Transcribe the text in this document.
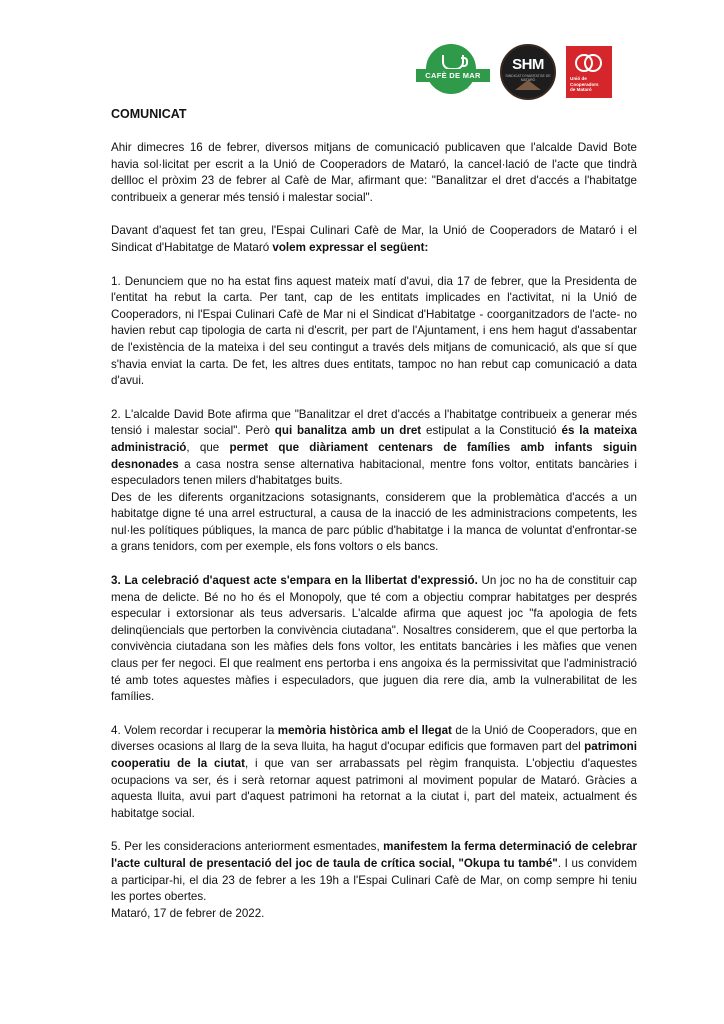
CAFÈ DE MAR
ESPAI CULINARI
SHM
SINDICAT D'HABITATGE DE MATARÓ	Unió de
Cooperadors
de Mataró
COMUNICAT

Ahir dimecres 16 de febrer, diversos mitjans de comunicació publicaven que l'alcalde David Bote havia sol·licitat per escrit a la Unió de Cooperadors de Mataró, la cancel·lació de l'acte que tindrà dellloc el pròxim 23 de febrer al Cafè de Mar, afirmant que: "Banalitzar el dret d'accés a l'habitatge contribueix a generar més tensió i malestar social".

Davant d'aquest fet tan greu, l'Espai Culinari Cafè de Mar, la Unió de Cooperadors de Mataró i el Sindicat d'Habitatge de Mataró volem expressar el següent:

1. Denunciem que no ha estat fins aquest mateix matí d'avui, dia 17 de febrer, que la Presidenta de l'entitat ha rebut la carta. Per tant, cap de les entitats implicades en l'activitat, ni la Unió de Cooperadors, ni l'Espai Culinari Cafè de Mar ni el Sindicat d'Habitatge - coorganitzadors de l'acte- no havien rebut cap tipologia de carta ni d'escrit, per part de l'Ajuntament, i ens hem hagut d'assabentar de l'existència de la mateixa i del seu contingut a través dels mitjans de comunicació, als que sí que s'havia enviat la carta. De fet, les altres dues entitats, tampoc no han rebut cap comunicació a data d'avui.

2. L'alcalde David Bote afirma que "Banalitzar el dret d'accés a l'habitatge contribueix a generar més tensió i malestar social". Però qui banalitza amb un dret estipulat a la Constitució és la mateixa administració, que permet que diàriament centenars de famílies amb infants siguin desnonades a casa nostra sense alternativa habitacional, mentre fons voltor, entitats bancàries i especuladors tenen milers d'habitatges buits.

Des de les diferents organitzacions sotasignants, considerem que la problemàtica d'accés a un habitatge digne té una arrel estructural, a causa de la inacció de les administracions competents, les nul·les polítiques públiques, la manca de parc públic d'habitatge i la manca de voluntat d'enfrontar-se a grans tenidors, com per exemple, els fons voltors o els bancs.

3. La celebració d'aquest acte s'empara en la llibertat d'expressió. Un joc no ha de constituir cap mena de delicte. Bé no ho és el Monopoly, que té com a objectiu comprar habitatges per després especular i extorsionar als teus adversaris. L'alcalde afirma que aquest joc "fa apologia de fets delinqüencials que pertorben la convivència ciutadana". Nosaltres considerem, que el que pertorba la convivència ciutadana son les màfies dels fons voltor, les entitats bancàries i les màfies que venen claus per fer negoci. El que realment ens pertorba i ens angoixa és la permissivitat que l'administració té amb totes aquestes màfies i especuladors, que juguen dia rere dia, amb la vulnerabilitat de les famílies.

4. Volem recordar i recuperar la memòria històrica amb el llegat de la Unió de Cooperadors, que en diverses ocasions al llarg de la seva lluita, ha hagut d'ocupar edificis que formaven part del patrimoni cooperatiu de la ciutat, i que van ser arrabassats pel règim franquista. L'objectiu d'aquestes ocupacions va ser, és i serà retornar aquest patrimoni al moviment popular de Mataró. Gràcies a aquesta lluita, avui part d'aquest patrimoni ha retornat a la ciutat i, part del mateix, actualment és habitatge social.

5. Per les consideracions anteriorment esmentades, manifestem la ferma determinació de celebrar l'acte cultural de presentació del joc de taula de crítica social, "Okupa tu també". I us convidem a participar-hi, el dia 23 de febrer a les 19h a l'Espai Culinari Cafè de Mar, on comp sempre hi teniu les portes obertes.

Mataró, 17 de febrer de 2022.
